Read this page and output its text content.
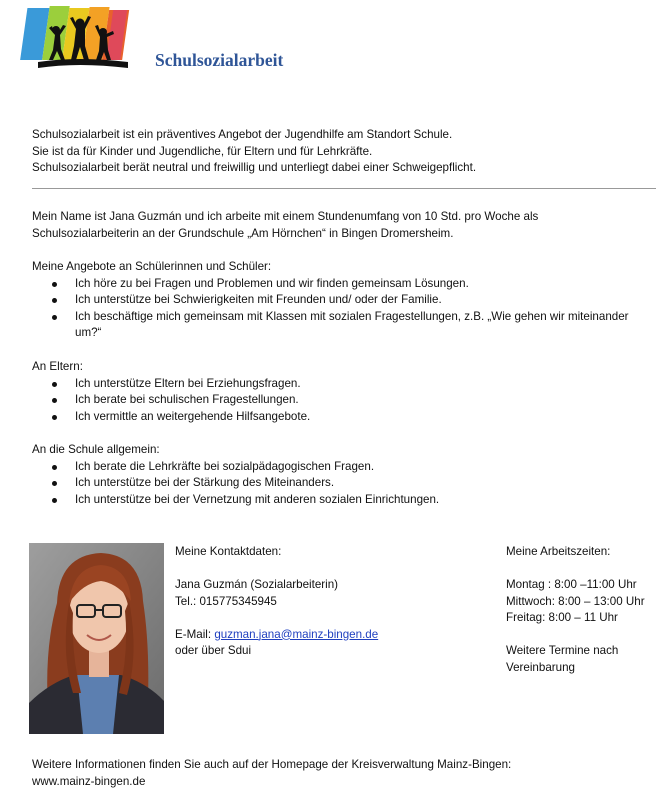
Schulsozialarbeit
Schulsozialarbeit ist ein präventives Angebot der Jugendhilfe am Standort Schule.
Sie ist da für Kinder und Jugendliche, für Eltern und für Lehrkräfte.
Schulsozialarbeit berät neutral und freiwillig und unterliegt dabei einer Schweigepflicht.
Mein Name ist Jana Guzmán und ich arbeite mit einem Stundenumfang von 10 Std. pro Woche als
Schulsozialarbeiterin an der Grundschule „Am Hörnchen“ in Bingen Dromersheim.
Meine Angebote an Schülerinnen und Schüler:
Ich höre zu bei Fragen und Problemen und wir finden gemeinsam Lösungen.
Ich unterstütze bei Schwierigkeiten mit Freunden und/ oder der Familie.
Ich beschäftige mich gemeinsam mit Klassen mit sozialen Fragestellungen, z.B. „Wie gehen wir miteinander um?“
An Eltern:
Ich unterstütze Eltern bei Erziehungsfragen.
Ich berate bei schulischen Fragestellungen.
Ich vermittle an weitergehende Hilfsangebote.
An die Schule allgemein:
Ich berate die Lehrkräfte bei sozialpädagogischen Fragen.
Ich unterstütze bei der Stärkung des Miteinanders.
Ich unterstütze bei der Vernetzung mit anderen sozialen Einrichtungen.
Meine Kontaktdaten:
Jana Guzmán (Sozialarbeiterin)
Tel.: 015775345945
E-Mail: guzman.jana@mainz-bingen.de
oder über Sdui
Meine Arbeitszeiten:
Montag : 8:00 –11:00 Uhr
Mittwoch: 8:00 – 13:00 Uhr
Freitag: 8:00 – 11 Uhr
Weitere Termine nach
Vereinbarung
Weitere Informationen finden Sie auch auf der Homepage der Kreisverwaltung Mainz-Bingen:
www.mainz-bingen.de
